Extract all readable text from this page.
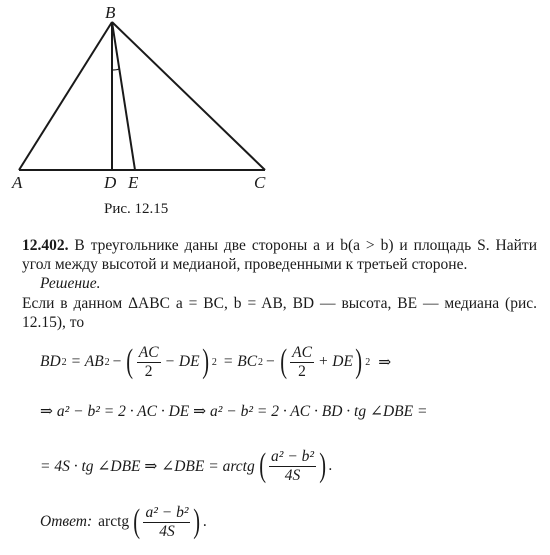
B
A	D E	C
Рис. 12.15
12.402. В треугольнике даны две стороны a и b(a > b) и площадь S. Найти угол между высотой и медианой, проведенными к третьей стороне.
Решение.
Если в данном ΔABC a = BC, b = AB, BD — высота, BE — медиана (рис. 12.15), то
BD 2 = AB 2 − ( $\frac{AC}{2}$ − DE ) 2 = BC 2 − ( $\frac{AC}{2}$ + DE ) 2 ⇒
⇒ a² − b² = 2 · AC · DE ⇒ a² − b² = 2 · AC · BD · tg ∠DBE =
= 4S · tg ∠DBE ⇒ ∠DBE = arctg ( $\frac{\text{a² − b²}}{4S}$ ) .
Ответ: arctg ( $\frac{\text{a² − b²}}{4S}$ ) .
